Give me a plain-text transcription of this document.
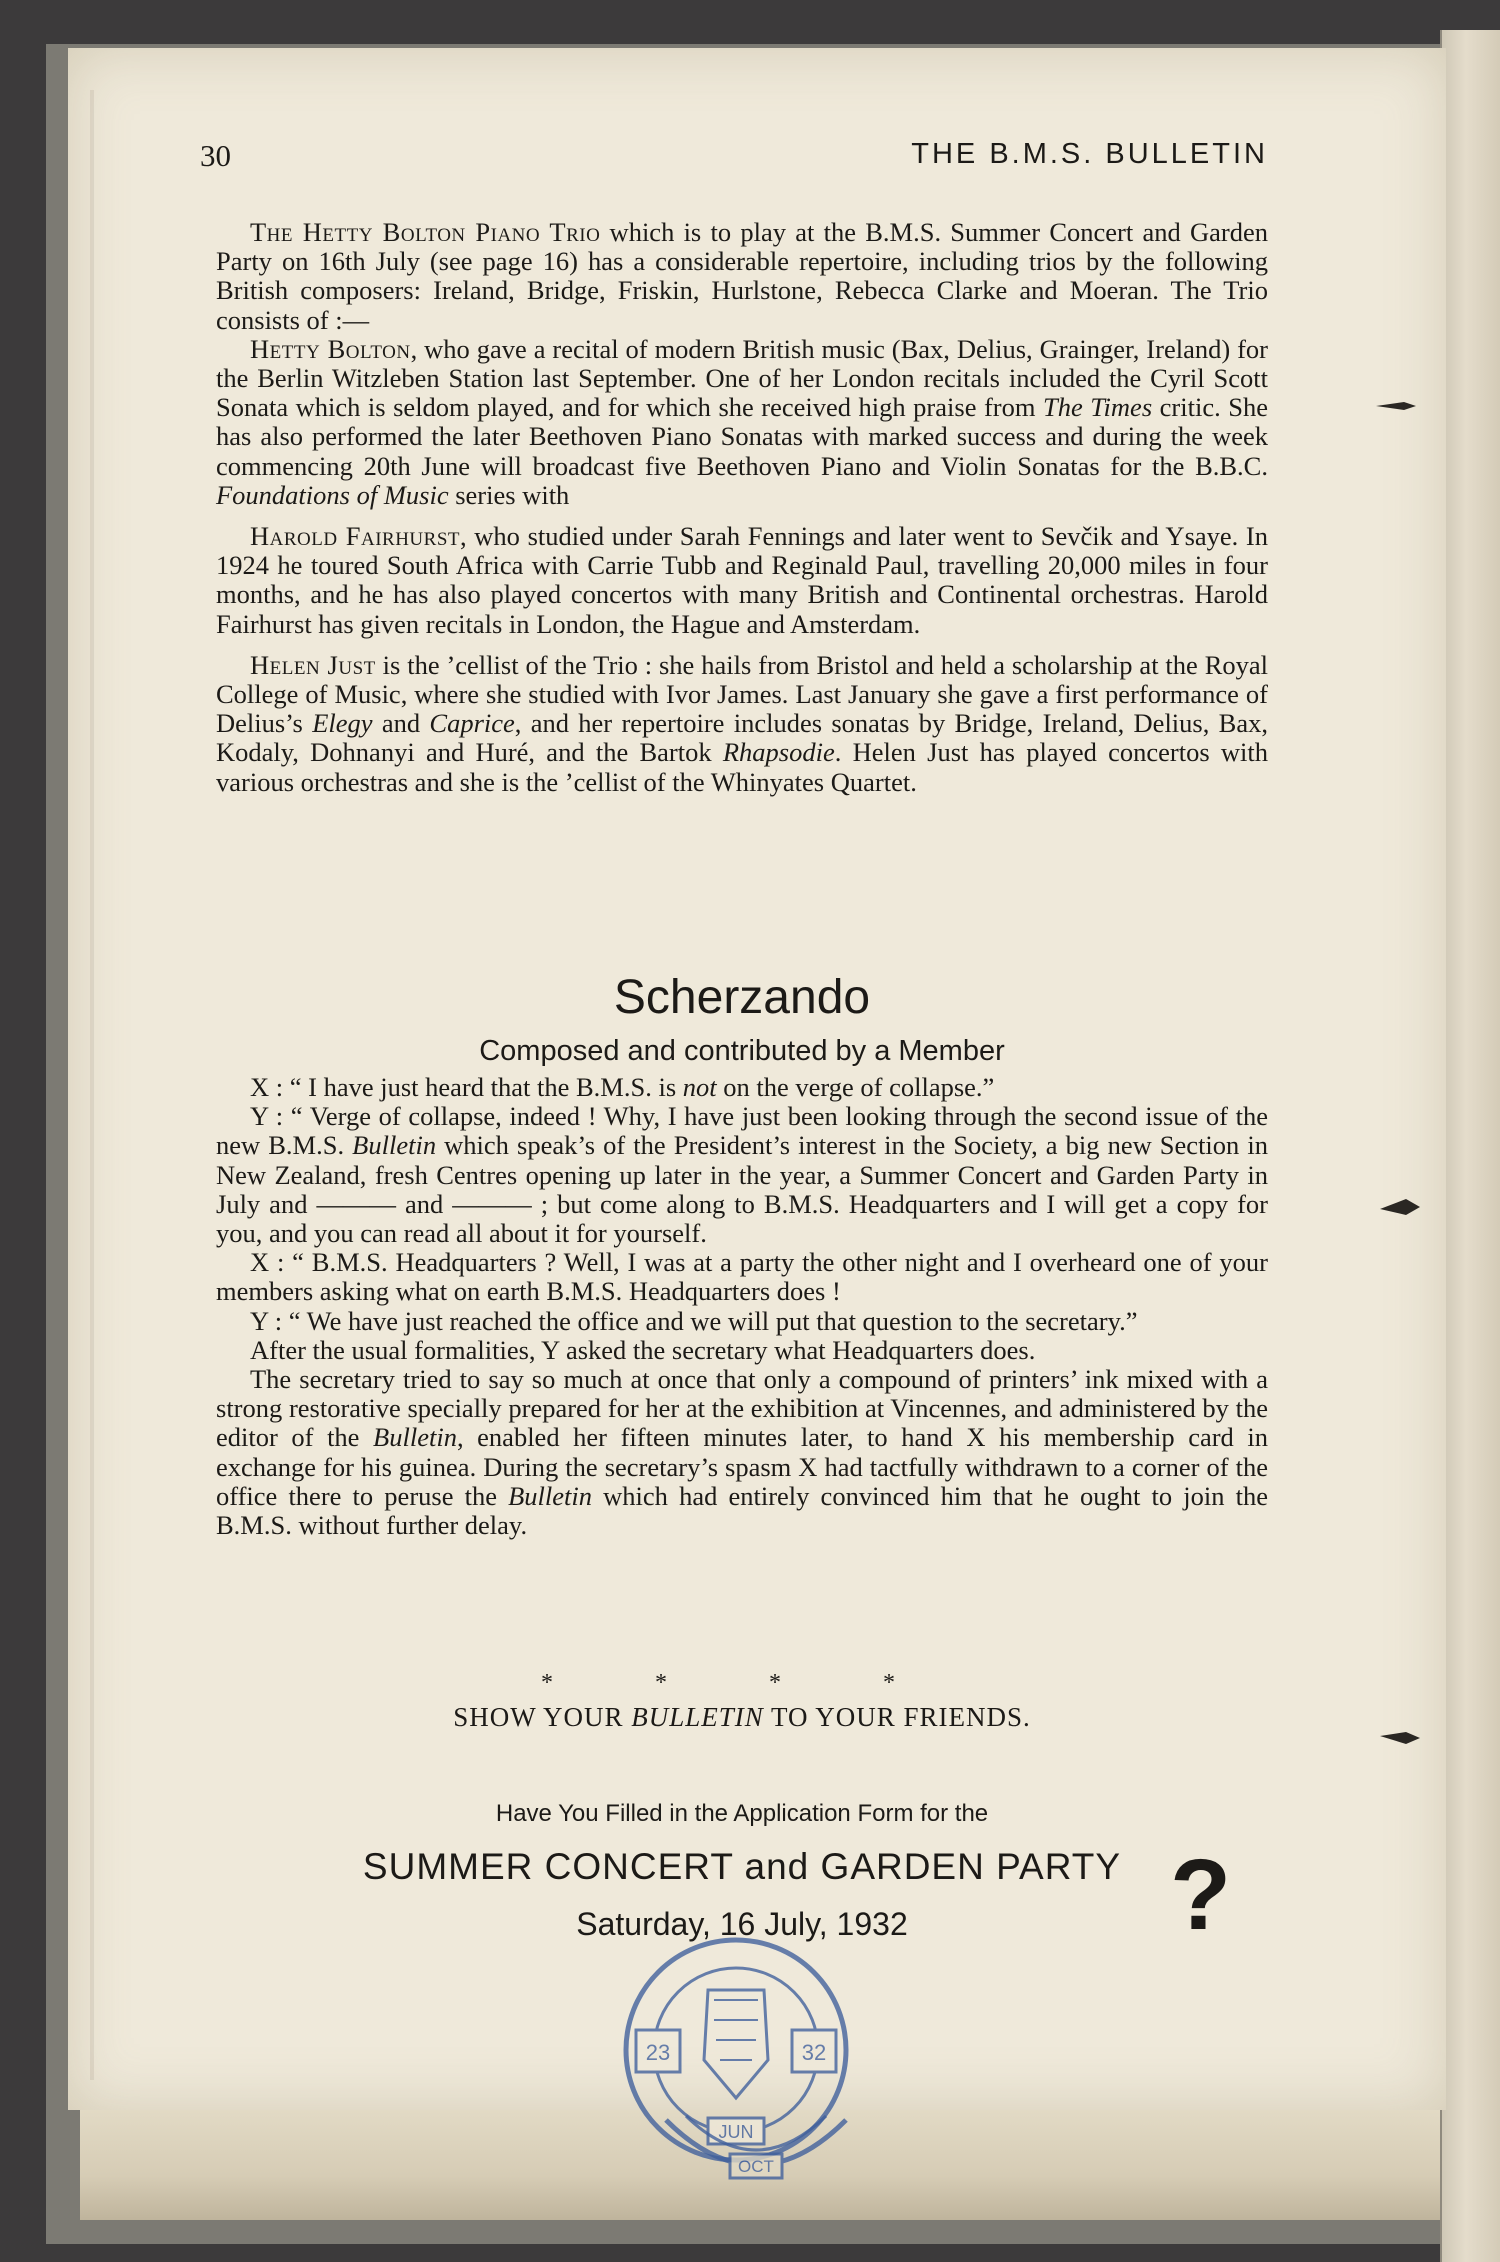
30	THE B.M.S. BULLETIN

The Hetty Bolton Piano Trio which is to play at the B.M.S. Summer Concert and Garden Party on 16th July (see page 16) has a considerable repertoire, including trios by the following British composers: Ireland, Bridge, Friskin, Hurlstone, Rebecca Clarke and Moeran. The Trio consists of :—

Hetty Bolton, who gave a recital of modern British music (Bax, Delius, Grainger, Ireland) for the Berlin Witzleben Station last September. One of her London recitals included the Cyril Scott Sonata which is seldom played, and for which she received high praise from The Times critic. She has also performed the later Beethoven Piano Sonatas with marked success and during the week commencing 20th June will broadcast five Beethoven Piano and Violin Sonatas for the B.B.C. Foundations of Music series with

Harold Fairhurst, who studied under Sarah Fennings and later went to Sevčik and Ysaye. In 1924 he toured South Africa with Carrie Tubb and Reginald Paul, travelling 20,000 miles in four months, and he has also played concertos with many British and Continental orchestras. Harold Fairhurst has given recitals in London, the Hague and Amsterdam.

Helen Just is the ’cellist of the Trio : she hails from Bristol and held a scholarship at the Royal College of Music, where she studied with Ivor James. Last January she gave a first performance of Delius’s Elegy and Caprice, and her repertoire includes sonatas by Bridge, Ireland, Delius, Bax, Kodaly, Dohnanyi and Huré, and the Bartok Rhapsodie. Helen Just has played concertos with various orchestras and she is the ’cellist of the Whinyates Quartet.

Scherzando
Composed and contributed by a Member

X : “ I have just heard that the B.M.S. is not on the verge of collapse.”

Y : “ Verge of collapse, indeed ! Why, I have just been looking through the second issue of the new B.M.S. Bulletin which speak’s of the President’s interest in the Society, a big new Section in New Zealand, fresh Centres opening up later in the year, a Summer Concert and Garden Party in July and ——— and ——— ; but come along to B.M.S. Headquarters and I will get a copy for you, and you can read all about it for yourself.

X : “ B.M.S. Headquarters ? Well, I was at a party the other night and I overheard one of your members asking what on earth B.M.S. Headquarters does !

Y : “ We have just reached the office and we will put that question to the secretary.”

After the usual formalities, Y asked the secretary what Headquarters does.

The secretary tried to say so much at once that only a compound of printers’ ink mixed with a strong restorative specially prepared for her at the exhibition at Vincennes, and administered by the editor of the Bulletin, enabled her fifteen minutes later, to hand X his membership card in exchange for his guinea. During the secretary’s spasm X had tactfully withdrawn to a corner of the office there to peruse the Bulletin which had entirely convinced him that he ought to join the B.M.S. without further delay.

* * * *
SHOW YOUR BULLETIN TO YOUR FRIENDS.
Have You Filled in the Application Form for the
SUMMER CONCERT and GARDEN PARTY
Saturday, 16 July, 1932	?
23	32
JUN
OCT
